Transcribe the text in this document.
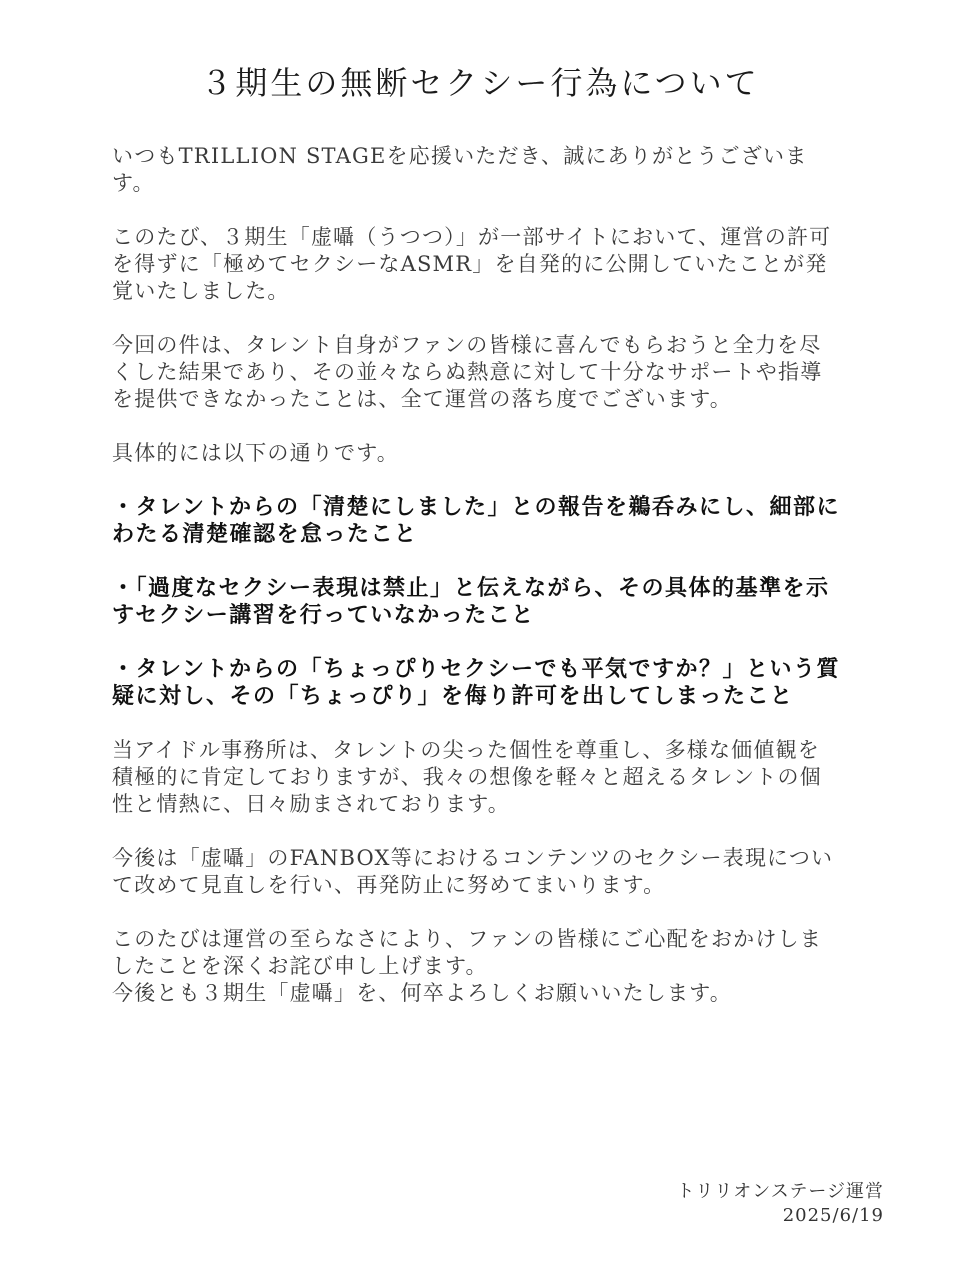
３期生の無断セクシー行為について

いつもTRILLION STAGEを応援いただき、誠にありがとうございます。

このたび、３期生「虚囁（うつつ）」が一部サイトにおいて、運営の許可を得ずに「極めてセクシーなASMR」を自発的に公開していたことが発覚いたしました。

今回の件は、タレント自身がファンの皆様に喜んでもらおうと全力を尽くした結果であり、その並々ならぬ熱意に対して十分なサポートや指導を提供できなかったことは、全て運営の落ち度でございます。

具体的には以下の通りです。

・タレントからの「清楚にしました」との報告を鵜呑みにし、細部にわたる清楚確認を怠ったこと

・「過度なセクシー表現は禁止」と伝えながら、その具体的基準を示すセクシー講習を行っていなかったこと

・タレントからの「ちょっぴりセクシーでも平気ですか？」という質疑に対し、その「ちょっぴり」を侮り許可を出してしまったこと

当アイドル事務所は、タレントの尖った個性を尊重し、多様な価値観を積極的に肯定しておりますが、我々の想像を軽々と超えるタレントの個性と情熱に、日々励まされております。

今後は「虚囁」のFANBOX等におけるコンテンツのセクシー表現について改めて見直しを行い、再発防止に努めてまいります。

このたびは運営の至らなさにより、ファンの皆様にご心配をおかけしましたことを深くお詫び申し上げます。

今後とも３期生「虚囁」を、何卒よろしくお願いいたします。

トリリオンステージ運営
2025/6/19
